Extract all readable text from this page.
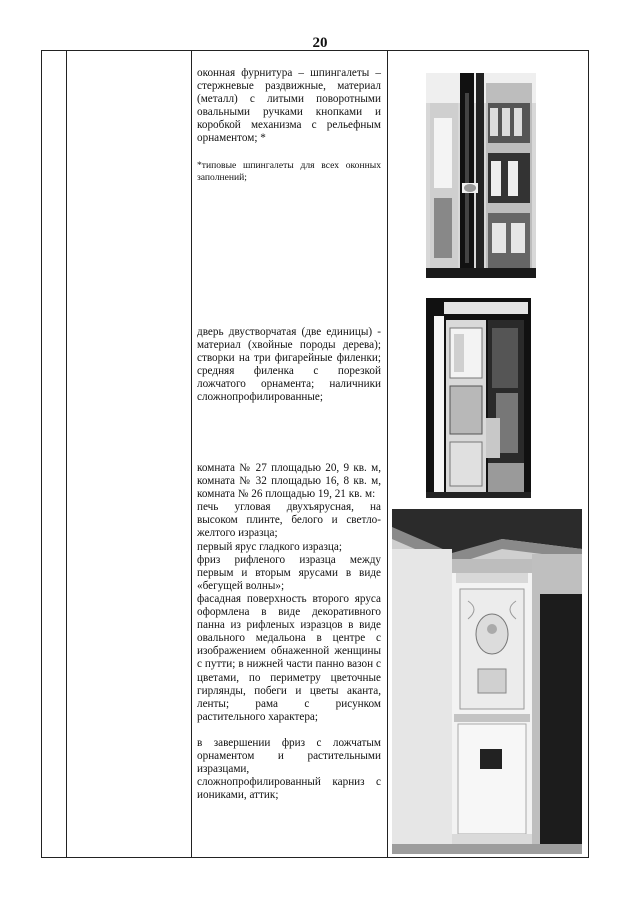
20

оконная фурнитура – шпингалеты – стержневые раздвижные, материал (металл) с литыми поворотными овальными ручками кнопками и коробкой механизма с рельефным орнаментом; *

*типовые шпингалеты для всех оконных заполнений;

дверь двустворчатая (две единицы) - материал (хвойные породы дерева); створки на три фигарейные филенки; средняя филенка с порезкой ложчатого орнамента; наличники сложнопрофилированные;

комната № 27 площадью 20, 9 кв. м, комната № 32 площадью 16, 8 кв. м, комната № 26 площадью 19, 21 кв. м:

печь угловая двухъярусная, на высоком плинте, белого и светло-желтого изразца;

первый ярус гладкого изразца;

фриз рифленого изразца между первым и вторым ярусами в виде «бегущей волны»;

фасадная поверхность второго яруса оформлена в виде декоративного панна из рифленых изразцов в виде овального медальона в центре с изображением обнаженной женщины с путти; в нижней части панно вазон с цветами, по периметру цветочные гирлянды, побеги и цветы аканта, ленты; рама с рисунком растительного характера;

в завершении фриз с ложчатым орнаментом и растительными изразцами,

сложнопрофилированный карниз с иониками, аттик;
